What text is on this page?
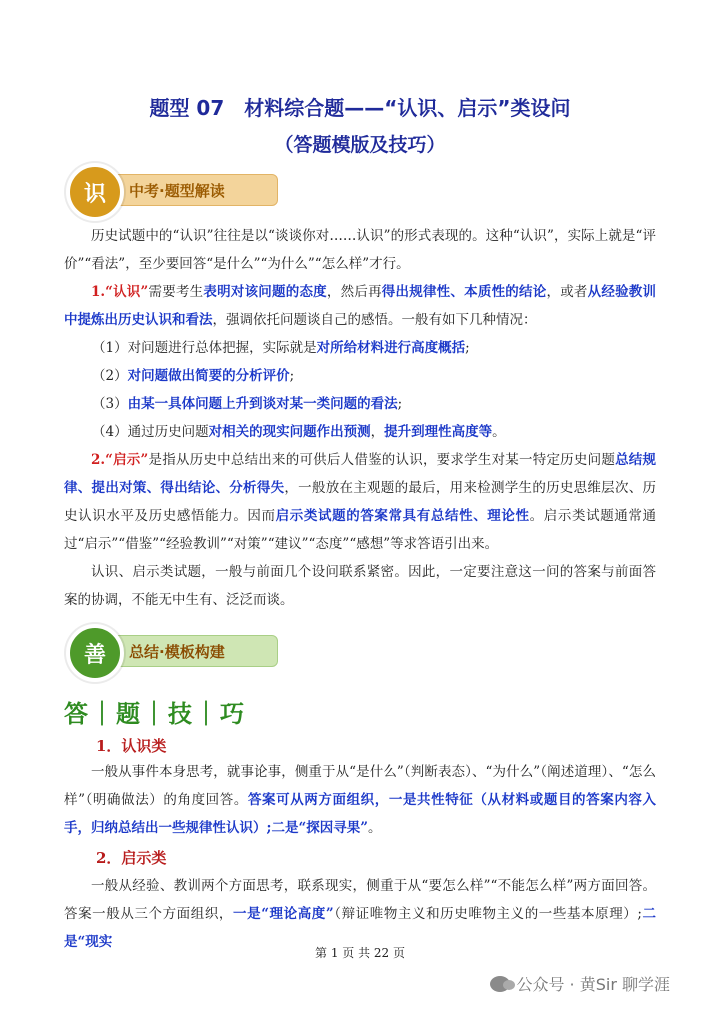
题型 07　材料综合题——“认识、启示”类设问
（答题模版及技巧）
识	中考·题型解读
历史试题中的“认识”往往是以“谈谈你对……认识”的形式表现的。这种“认识”，实际上就是“评价”“看法”，至少要回答“是什么”“为什么”“怎么样”才行。
1.“认识”需要考生表明对该问题的态度，然后再得出规律性、本质性的结论，或者从经验教训中提炼出历史认识和看法，强调依托问题谈自己的感悟。一般有如下几种情况：
（1）对问题进行总体把握，实际就是对所给材料进行高度概括;
（2）对问题做出简要的分析评价;
（3）由某一具体问题上升到谈对某一类问题的看法;
（4）通过历史问题对相关的现实问题作出预测，提升到理性高度等。
2.“启示”是指从历史中总结出来的可供后人借鉴的认识，要求学生对某一特定历史问题总结规律、提出对策、得出结论、分析得失，一般放在主观题的最后，用来检测学生的历史思维层次、历史认识水平及历史感悟能力。因而启示类试题的答案常具有总结性、理论性。启示类试题通常通过“启示”“借鉴”“经验教训”“对策”“建议”“态度”“感想”等求答语引出来。
认识、启示类试题，一般与前面几个设问联系紧密。因此，一定要注意这一问的答案与前面答案的协调，不能无中生有、泛泛而谈。
善	总结·模板构建
答｜题｜技｜巧
1．认识类
一般从事件本身思考，就事论事，侧重于从“是什么”（判断表态）、“为什么”（阐述道理）、“怎么样”（明确做法）的角度回答。答案可从两方面组织，一是共性特征（从材料或题目的答案内容入手，归纳总结出一些规律性认识）;二是“探因寻果”。
2．启示类
一般从经验、教训两个方面思考，联系现实，侧重于从“要怎么样”“不能怎么样”两方面回答。答案一般从三个方面组织，一是“理论高度”（辩证唯物主义和历史唯物主义的一些基本原理）;二是“现实
第 1 页 共 22 页
公众号 · 黄Sir 聊学涯
